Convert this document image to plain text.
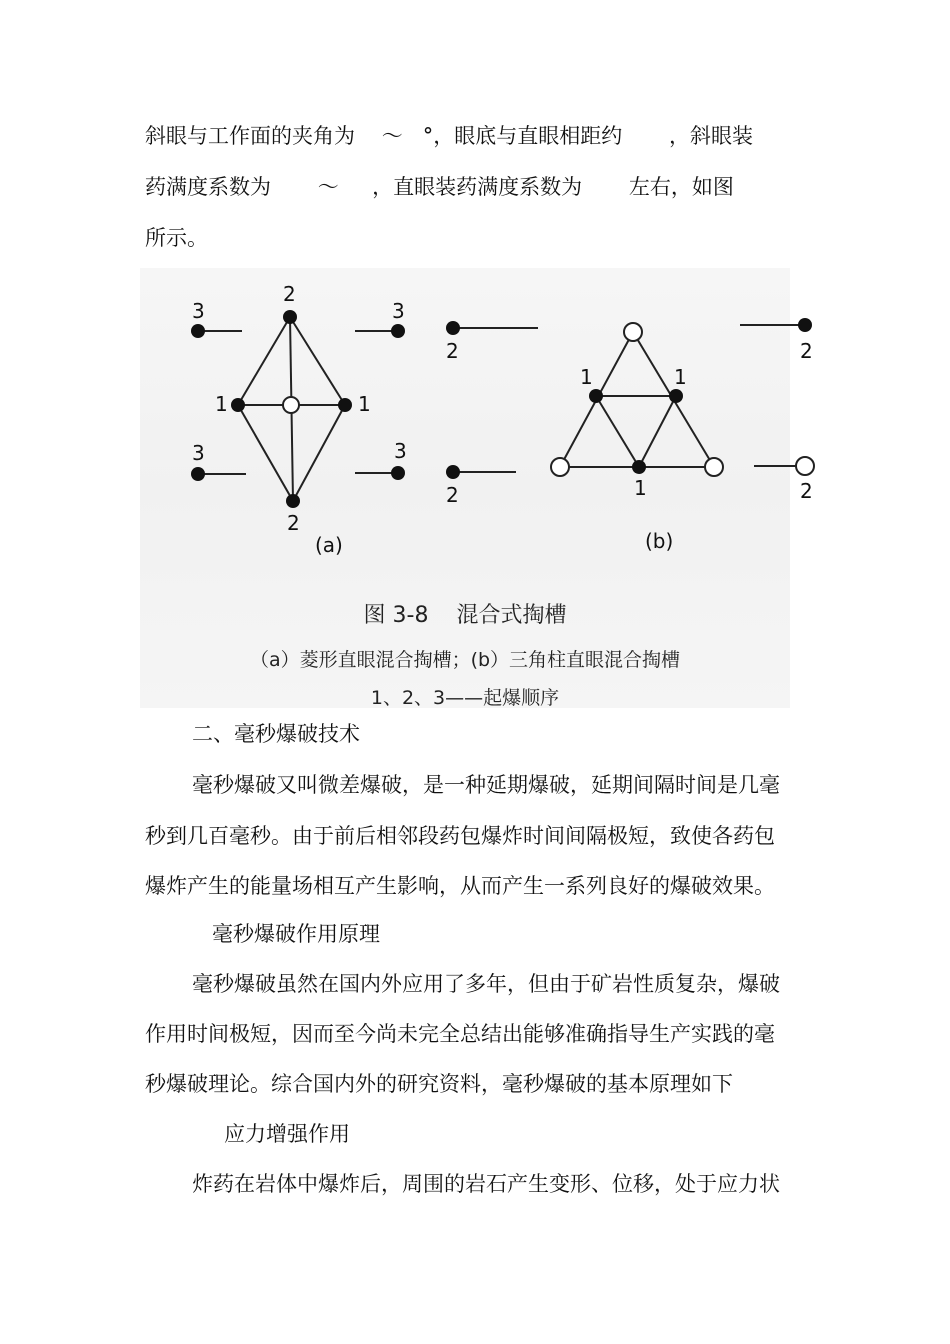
斜眼与工作面的夹角为    ～   °，眼底与直眼相距约       ，斜眼装
药满度系数为       ～     ，直眼装药满度系数为       左右，如图
所示。
2
1	1
2
3	3
3	3
1	1
1
2	2
2	2
(a)	(b)
图 3-8    混合式掏槽
（a）菱形直眼混合掏槽；(b）三角柱直眼混合掏槽
1、2、3——起爆顺序
二、毫秒爆破技术
毫秒爆破又叫微差爆破，是一种延期爆破，延期间隔时间是几毫
秒到几百毫秒。由于前后相邻段药包爆炸时间间隔极短，致使各药包
爆炸产生的能量场相互产生影响，从而产生一系列良好的爆破效果。
毫秒爆破作用原理
毫秒爆破虽然在国内外应用了多年，但由于矿岩性质复杂，爆破
作用时间极短，因而至今尚未完全总结出能够准确指导生产实践的毫
秒爆破理论。综合国内外的研究资料，毫秒爆破的基本原理如下
应力增强作用
炸药在岩体中爆炸后，周围的岩石产生变形、位移，处于应力状
